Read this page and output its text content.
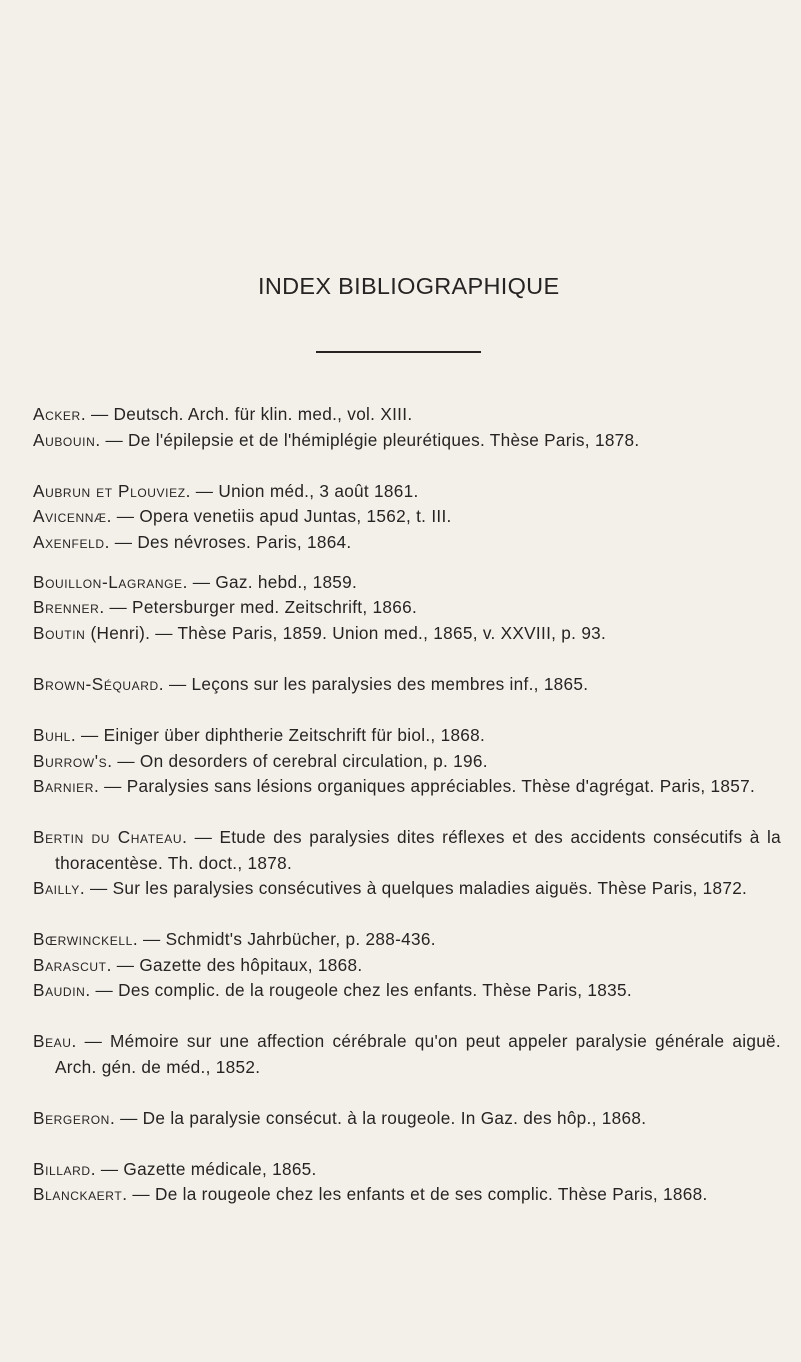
INDEX BIBLIOGRAPHIQUE
Acker. — Deutsch. Arch. für klin. med., vol. XIII.
Aubouin. — De l'épilepsie et de l'hémiplégie pleurétiques. Thèse Paris, 1878.
Aubrun et Plouviez. — Union méd., 3 août 1861.
Avicennæ. — Opera venetiis apud Juntas, 1562, t. III.
Axenfeld. — Des névroses. Paris, 1864.
Bouillon-Lagrange. — Gaz. hebd., 1859.
Brenner. — Petersburger med. Zeitschrift, 1866.
Boutin (Henri). — Thèse Paris, 1859. Union med., 1865, v. XXVIII, p. 93.
Brown-Séquard. — Leçons sur les paralysies des membres inf., 1865.
Buhl. — Einiger über diphtherie Zeitschrift für biol., 1868.
Burrow's. — On desorders of cerebral circulation, p. 196.
Barnier. — Paralysies sans lésions organiques appréciables. Thèse d'agrégat. Paris, 1857.
Bertin du Chateau. — Etude des paralysies dites réflexes et des accidents consécutifs à la thoracentèse. Th. doct., 1878.
Bailly. — Sur les paralysies consécutives à quelques maladies aiguës. Thèse Paris, 1872.
Bœrwinckell. — Schmidt's Jahrbücher, p. 288-436.
Barascut. — Gazette des hôpitaux, 1868.
Baudin. — Des complic. de la rougeole chez les enfants. Thèse Paris, 1835.
Beau. — Mémoire sur une affection cérébrale qu'on peut appeler paralysie générale aiguë. Arch. gén. de méd., 1852.
Bergeron. — De la paralysie consécut. à la rougeole. In Gaz. des hôp., 1868.
Billard. — Gazette médicale, 1865.
Blanckaert. — De la rougeole chez les enfants et de ses complic. Thèse Paris, 1868.
